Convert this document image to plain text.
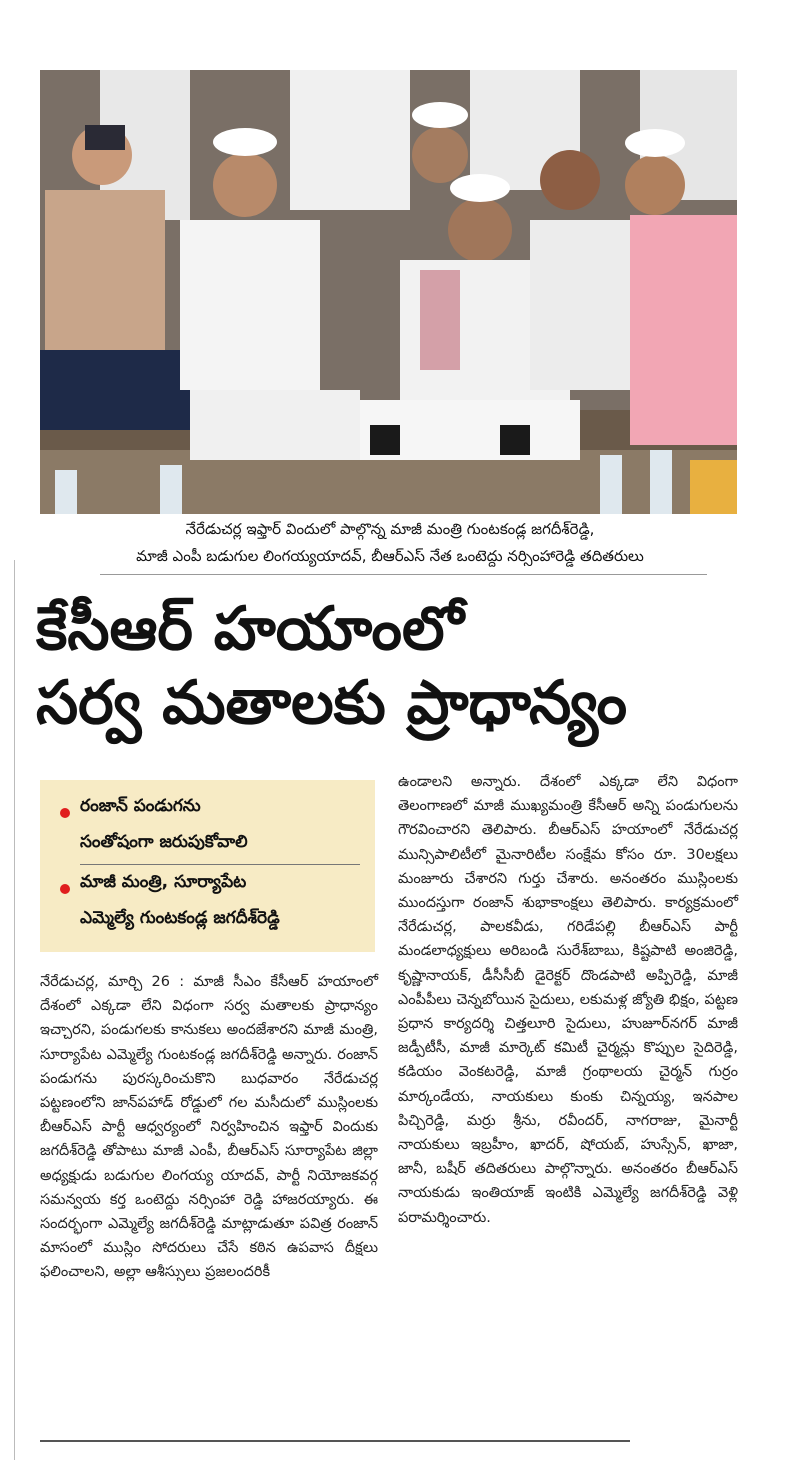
నేరేడుచర్ల ఇఫ్తార్ విందులో పాల్గొన్న మాజీ మంత్రి గుంటకండ్ల జగదీశ్‌రెడ్డి,
మాజీ ఎంపీ బడుగుల లింగయ్యయాదవ్, బీఆర్ఎస్ నేత ఒంటెద్దు నర్సింహారెడ్డి తదితరులు
కేసీఆర్ హయాంలో
సర్వ మతాలకు ప్రాధాన్యం
రంజాన్ పండుగను
సంతోషంగా జరుపుకోవాలి
మాజీ మంత్రి, సూర్యాపేట
ఎమ్మెల్యే గుంటకండ్ల జగదీశ్‌రెడ్డి
నేరేడుచర్ల, మార్చి 26 : మాజీ సీఎం కేసీఆర్ హయాంలో దేశంలో ఎక్కడా లేని విధంగా సర్వ మతాలకు ప్రాధాన్యం ఇచ్చారని, పండుగలకు కానుకలు అందజేశారని మాజీ మంత్రి, సూర్యాపేట ఎమ్మెల్యే గుంటకండ్ల జగదీశ్‌రెడ్డి అన్నారు. రంజాన్ పండుగను పురస్కరించుకొని బుధవారం నేరేడుచర్ల పట్టణంలోని జాన్‌పహాడ్ రోడ్డులో గల మసీదులో ముస్లింలకు బీఆర్ఎస్ పార్టీ ఆధ్వర్యంలో నిర్వహించిన ఇఫ్తార్ విందుకు జగదీశ్‌రెడ్డి తోపాటు మాజీ ఎంపీ, బీఆర్ఎస్ సూర్యాపేట జిల్లా అధ్యక్షుడు బడుగుల లింగయ్య యాదవ్, పార్టీ నియోజకవర్గ సమన్వయ కర్త ఒంటెద్దు నర్సింహా రెడ్డి హాజరయ్యారు. ఈ సందర్భంగా ఎమ్మెల్యే జగదీశ్‌రెడ్డి మాట్లాడుతూ పవిత్ర రంజాన్ మాసంలో ముస్లిం సోదరులు చేసే కఠిన ఉపవాస దీక్షలు ఫలించాలని, అల్లా ఆశీస్సులు ప్రజలందరికీ
ఉండాలని అన్నారు. దేశంలో ఎక్కడా లేని విధంగా తెలంగాణలో మాజీ ముఖ్యమంత్రి కేసీఆర్ అన్ని పండుగులను గౌరవించారని తెలిపారు. బీఆర్ఎస్ హయాంలో నేరేడుచర్ల మున్సిపాలిటీలో మైనారిటీల సంక్షేమ కోసం రూ. 30లక్షలు మంజూరు చేశారని గుర్తు చేశారు. అనంతరం ముస్లింలకు ముందస్తుగా రంజాన్ శుభాకాంక్షలు తెలిపారు. కార్యక్రమంలో నేరేడుచర్ల, పాలకవీడు, గరిడేపల్లి బీఆర్ఎస్ పార్టీ మండలాధ్యక్షులు అరిబండి సురేశ్‌బాబు, కిష్టపాటి అంజిరెడ్డి, కృష్ణానాయక్, డీసీసీబీ డైరెక్టర్ దొండపాటి అప్పిరెడ్డి, మాజీ ఎంపీపీలు చెన్నబోయిన సైదులు, లకుమళ్ల జ్యోతి భిక్షం, పట్టణ ప్రధాన కార్యదర్శి చిత్తలూరి సైదులు, హుజూర్‌నగర్ మాజీ జడ్పీటీసీ, మాజీ మార్కెట్ కమిటీ చైర్మన్లు కొప్పుల సైదిరెడ్డి, కడియం వెంకటరెడ్డి, మాజీ గ్రంథాలయ చైర్మన్ గుర్రం మార్కండేయ, నాయకులు కుంకు చిన్నయ్య, ఇనపాల పిచ్చిరెడ్డి, మర్రు శ్రీను, రవీందర్, నాగరాజు, మైనార్టీ నాయకులు ఇబ్రహీం, ఖాదర్, షోయబ్, హుస్సేన్, ఖాజా, జానీ, బషీర్ తదితరులు పాల్గొన్నారు. అనంతరం బీఆర్ఎస్ నాయకుడు ఇంతియాజ్ ఇంటికి ఎమ్మెల్యే జగదీశ్‌రెడ్డి వెళ్లి పరామర్శించారు.
